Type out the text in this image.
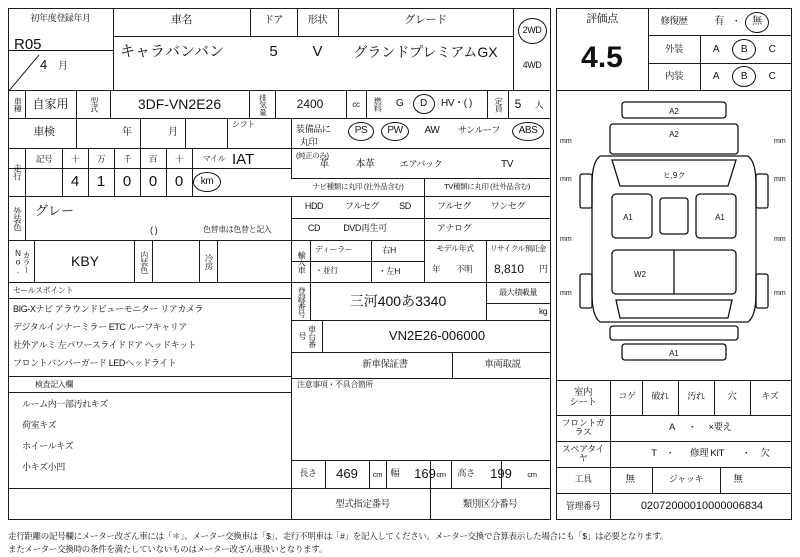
初年度登録年月
R05
4 月
車名
キャラバンバン
ドア
5
形状
V
グレード
グランドプレミアムGX
2WD
4WD
車種 自家用	型式	3DF-VN2E26	排気量	2400	cc	燃料	G D HV・( )	定員 5	人
車検	年	月
シフト
IAT
装備品に
丸印
(純正のみ)
PS	PW	AW	サンルーフ	ABS
革	本革	エアバック	TV
走行
記号	十	万	千	百	十	マイル
4	1	0	0	0	km	ナビ種類に丸印 (社外品含む)	TV種類に丸印 (社外品含む)
HDD	フルセグ	SD
CD	DVD再生可
フルセグ	ワンセグ
アナログ
外装色 グレー
( )	色替車は色替と記入
カラーNo.	KBY	内装色	冷房	輸入車
ディーラー
・並行
右H
・左H
モデル年式
年 不明
リサイクル預託金
8,810 円
登録番号	三河400あ3340
最大積載量
kg
車台番号	VN2E26-006000
セールスポイント
BIG-Xナビ アラウンドビューモニター リアカメラ
デジタルインナーミラー ETC ルーフキャリア
社外アルミ 左パワースライドドア ヘッドキット
フロントバンパーガード LEDヘッドライト
検査記入欄
ルーム内一部汚れキズ
荷室キズ
ホイールキズ
小キズ小凹
新車保証書	車両取説
注意事項・不具合箇所
長さ	469	cm 幅	169 cm	高さ	199	cm
型式指定番号	類別区分番号
評価点
4.5
修復歴	有 ・	無
外装	A	B	C
内装	A	B	C
A2
A2
A1	A1
W2
A1
ヒ,9ク
mm
mm
mm
mm
mm
mm
mm
mm
室内
シート
コゲ	破れ	汚れ	穴	キズ
フロントガラス	A	・	×要え
スペアタイヤ	T ・	修理 KIT	・	欠
工具	無	ジャッキ	無
管理番号	02072000010000006834
走行距離の記号欄にメーター改ざん車には「＊」、メーター交換車は「$」、走行不明車は「#」を記入してください。メーター交換で合算表示した場合にも「$」は必要となります。
またメーター交換時の条件を満たしていないものはメーター改ざん車扱いとなります。
